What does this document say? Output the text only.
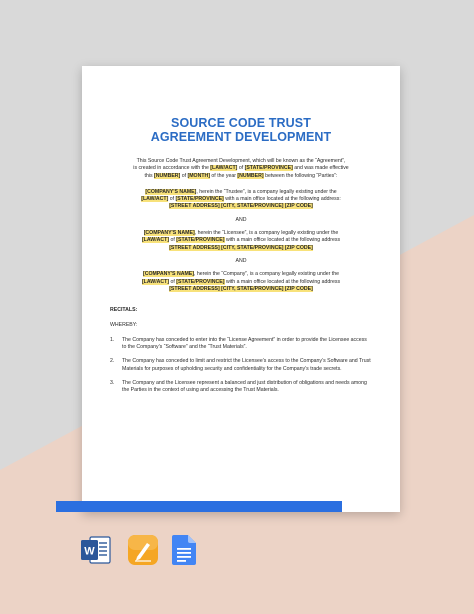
SOURCE CODE TRUST
AGREEMENT DEVELOPMENT
This Source Code Trust Agreement Development, which will be known as the “Agreement”,
is created in accordance with the [LAW/ACT] of [STATE/PROVINCE] and was made effective
this [NUMBER] of [MONTH] of the year [NUMBER] between the following “Parties”:
[COMPANY'S NAME], herein the “Trustee”, is a company legally existing under the
[LAW/ACT] of [STATE/PROVINCE] with a main office located at the following address:
[STREET ADDRESS] [CITY, STATE/PROVINCE] [ZIP CODE]
AND
[COMPANY'S NAME], herein the “Licensee”, is a company legally existing under the
[LAW/ACT] of [STATE/PROVINCE] with a main office located at the following address
[STREET ADDRESS] [CITY, STATE/PROVINCE] [ZIP CODE]
AND
[COMPANY'S NAME], herein the “Company”, is a company legally existing under the
[LAW/ACT] of [STATE/PROVINCE] with a main office located at the following address
[STREET ADDRESS] [CITY, STATE/PROVINCE] [ZIP CODE]
RECITALS:
WHEREBY:
1. The Company has conceded to enter into the “License Agreement” in order to provide the Licensee access to the Company’s “Software” and the “Trust Materials”.
2. The Company has conceded to limit and restrict the Licensee’s access to the Company’s Software and Trust Materials for purposes of upholding security and confidentiality for the Company’s trade secrets.
3. The Company and the Licensee represent a balanced and just distribution of obligations and needs among the Parties in the context of using and accessing the Trust Materials.
W
